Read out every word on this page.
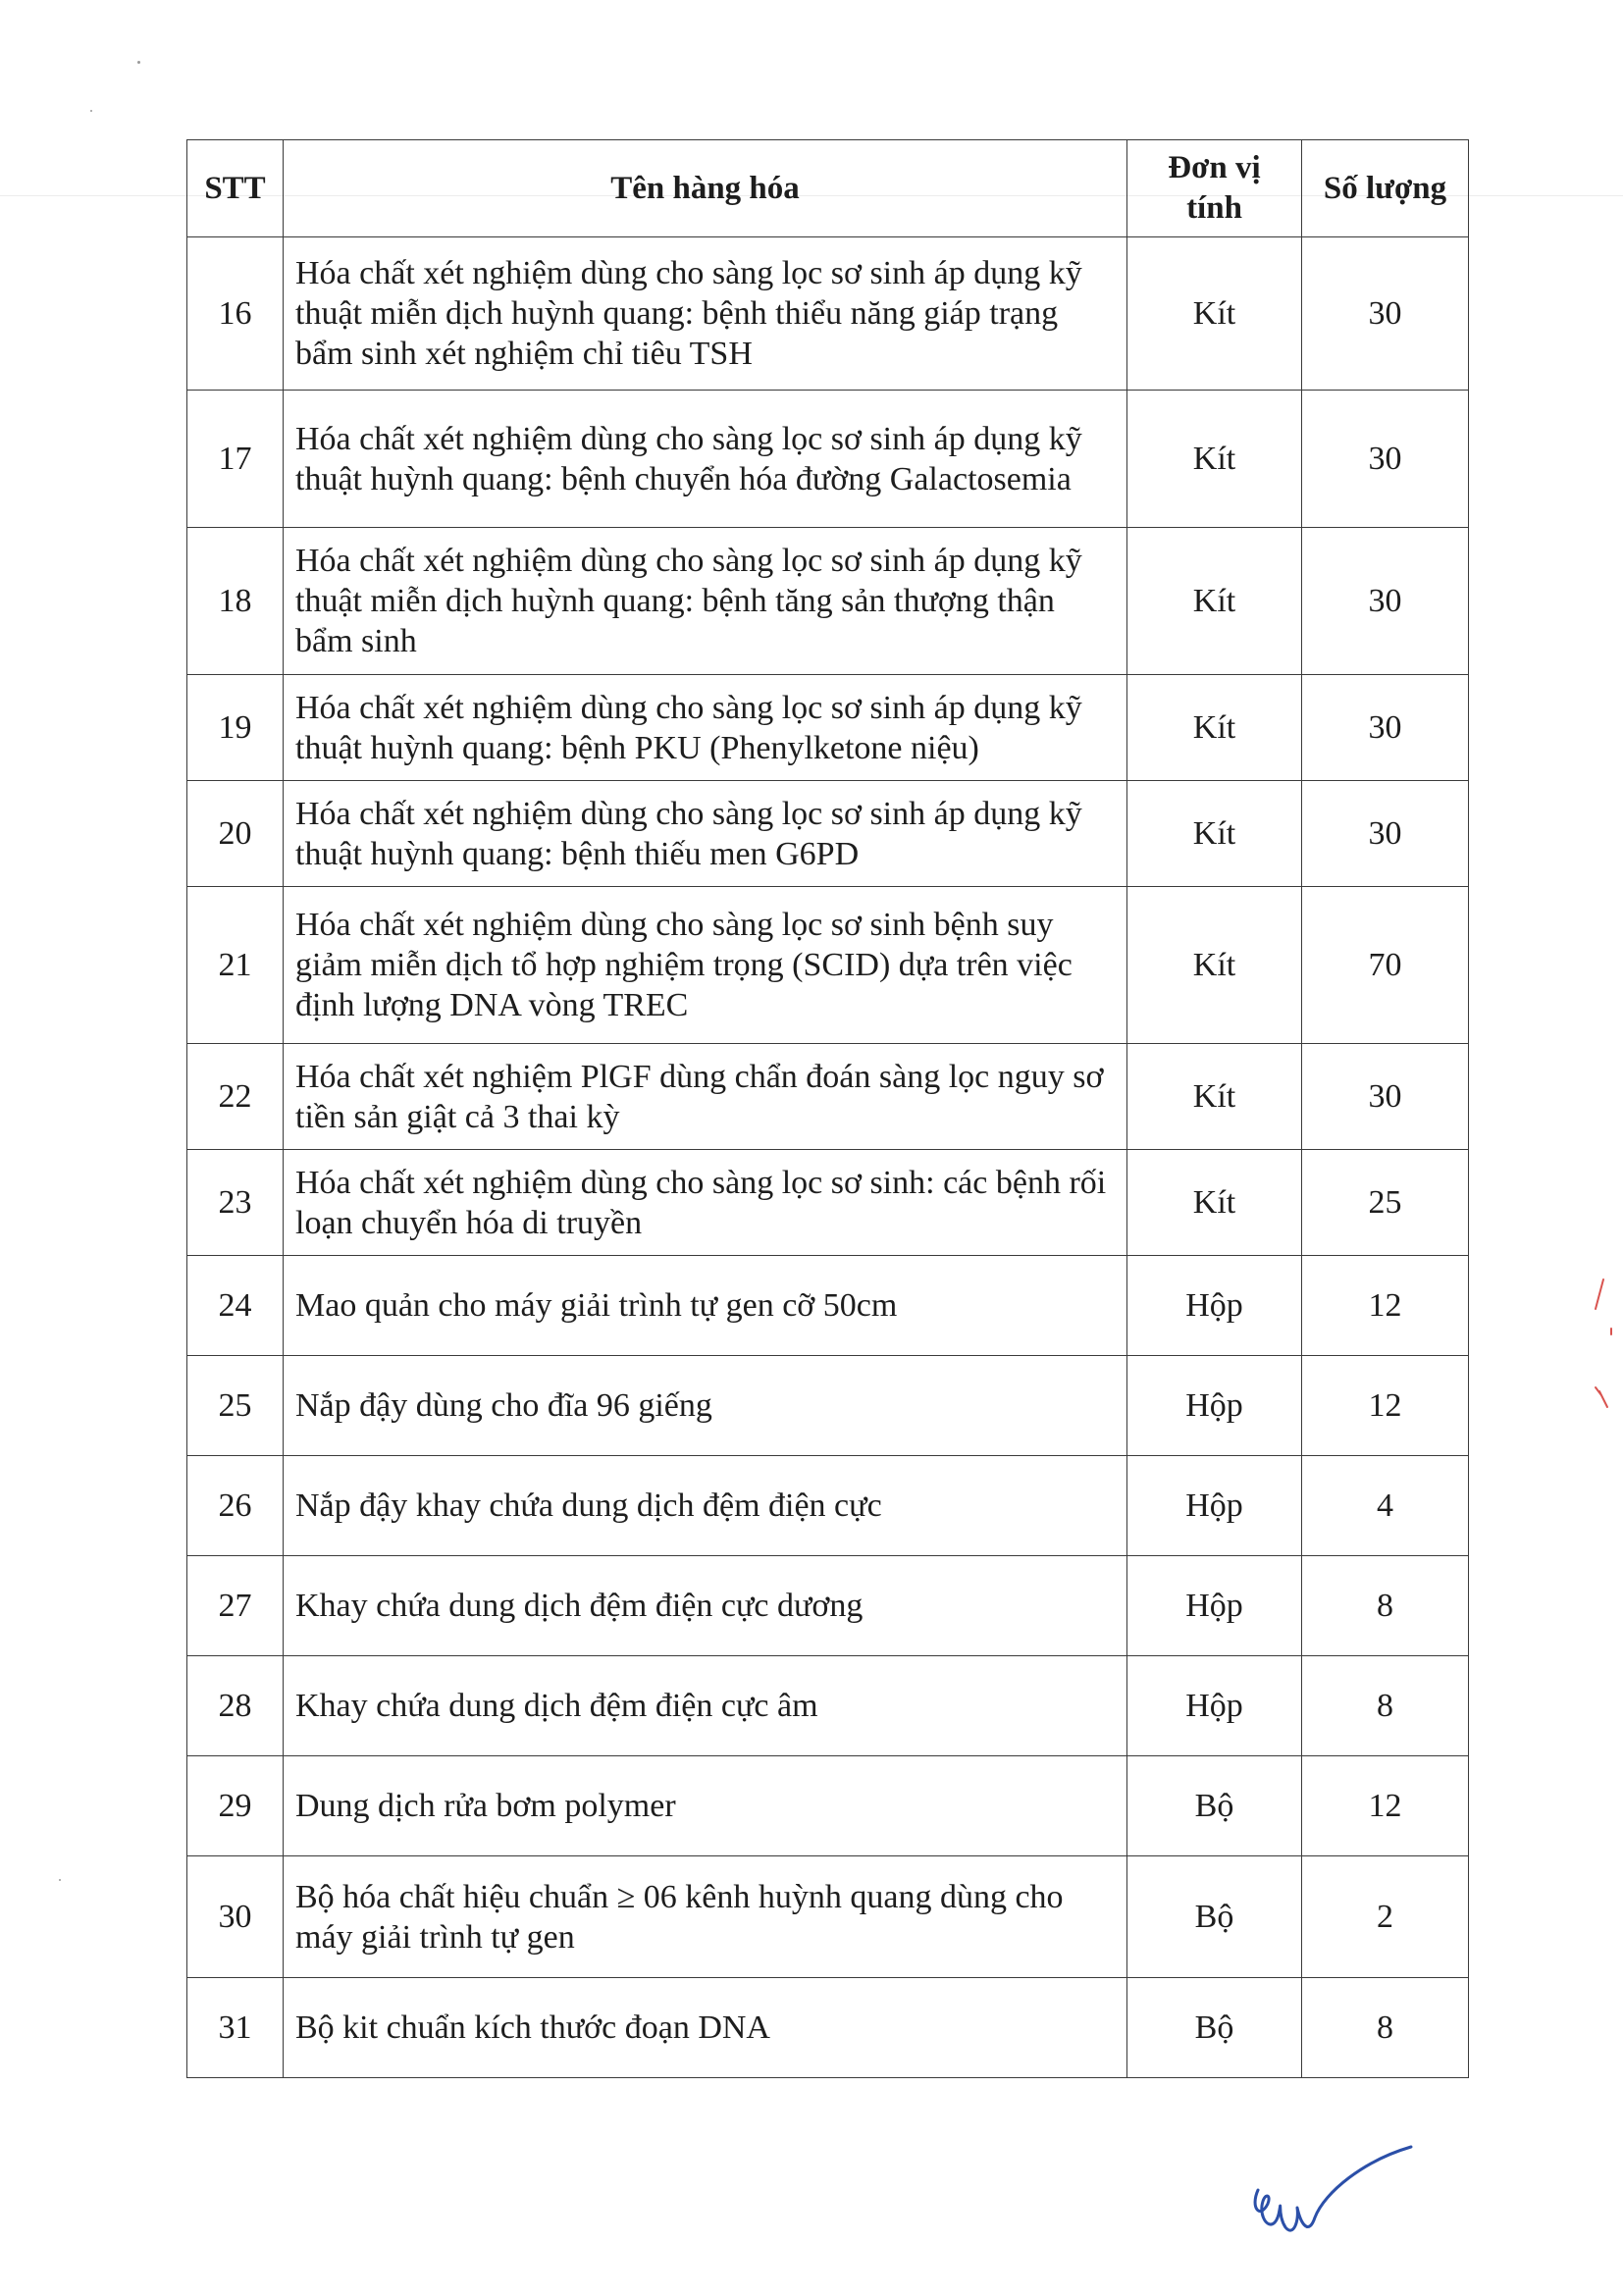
STT	Tên hàng hóa	Đơn vị tính	Số lượng
16	Hóa chất xét nghiệm dùng cho sàng lọc sơ sinh áp dụng kỹ thuật miễn dịch huỳnh quang: bệnh thiểu năng giáp trạng bẩm sinh xét nghiệm chỉ tiêu TSH	Kít	30
17	Hóa chất xét nghiệm dùng cho sàng lọc sơ sinh áp dụng kỹ thuật huỳnh quang: bệnh chuyển hóa đường Galactosemia	Kít	30
18	Hóa chất xét nghiệm dùng cho sàng lọc sơ sinh áp dụng kỹ thuật miễn dịch huỳnh quang: bệnh tăng sản thượng thận bẩm sinh	Kít	30
19	Hóa chất xét nghiệm dùng cho sàng lọc sơ sinh áp dụng kỹ thuật huỳnh quang: bệnh PKU (Phenylketone niệu)	Kít	30
20	Hóa chất xét nghiệm dùng cho sàng lọc sơ sinh áp dụng kỹ thuật huỳnh quang: bệnh thiếu men G6PD	Kít	30
21	Hóa chất xét nghiệm dùng cho sàng lọc sơ sinh bệnh suy giảm miễn dịch tổ hợp nghiệm trọng (SCID) dựa trên việc định lượng DNA vòng TREC	Kít	70
22	Hóa chất xét nghiệm PlGF dùng chẩn đoán sàng lọc nguy sơ tiền sản giật cả 3 thai kỳ	Kít	30
23	Hóa chất xét nghiệm dùng cho sàng lọc sơ sinh: các bệnh rối loạn chuyển hóa di truyền	Kít	25
24	Mao quản cho máy giải trình tự gen cỡ 50cm	Hộp	12
25	Nắp đậy dùng cho đĩa 96 giếng	Hộp	12
26	Nắp đậy khay chứa dung dịch đệm điện cực	Hộp	4
27	Khay chứa dung dịch đệm điện cực dương	Hộp	8
28	Khay chứa dung dịch đệm điện cực âm	Hộp	8
29	Dung dịch rửa bơm polymer	Bộ	12
30	Bộ hóa chất hiệu chuẩn ≥ 06 kênh huỳnh quang dùng cho máy giải trình tự gen	Bộ	2
31	Bộ kit chuẩn kích thước đoạn DNA	Bộ	8
